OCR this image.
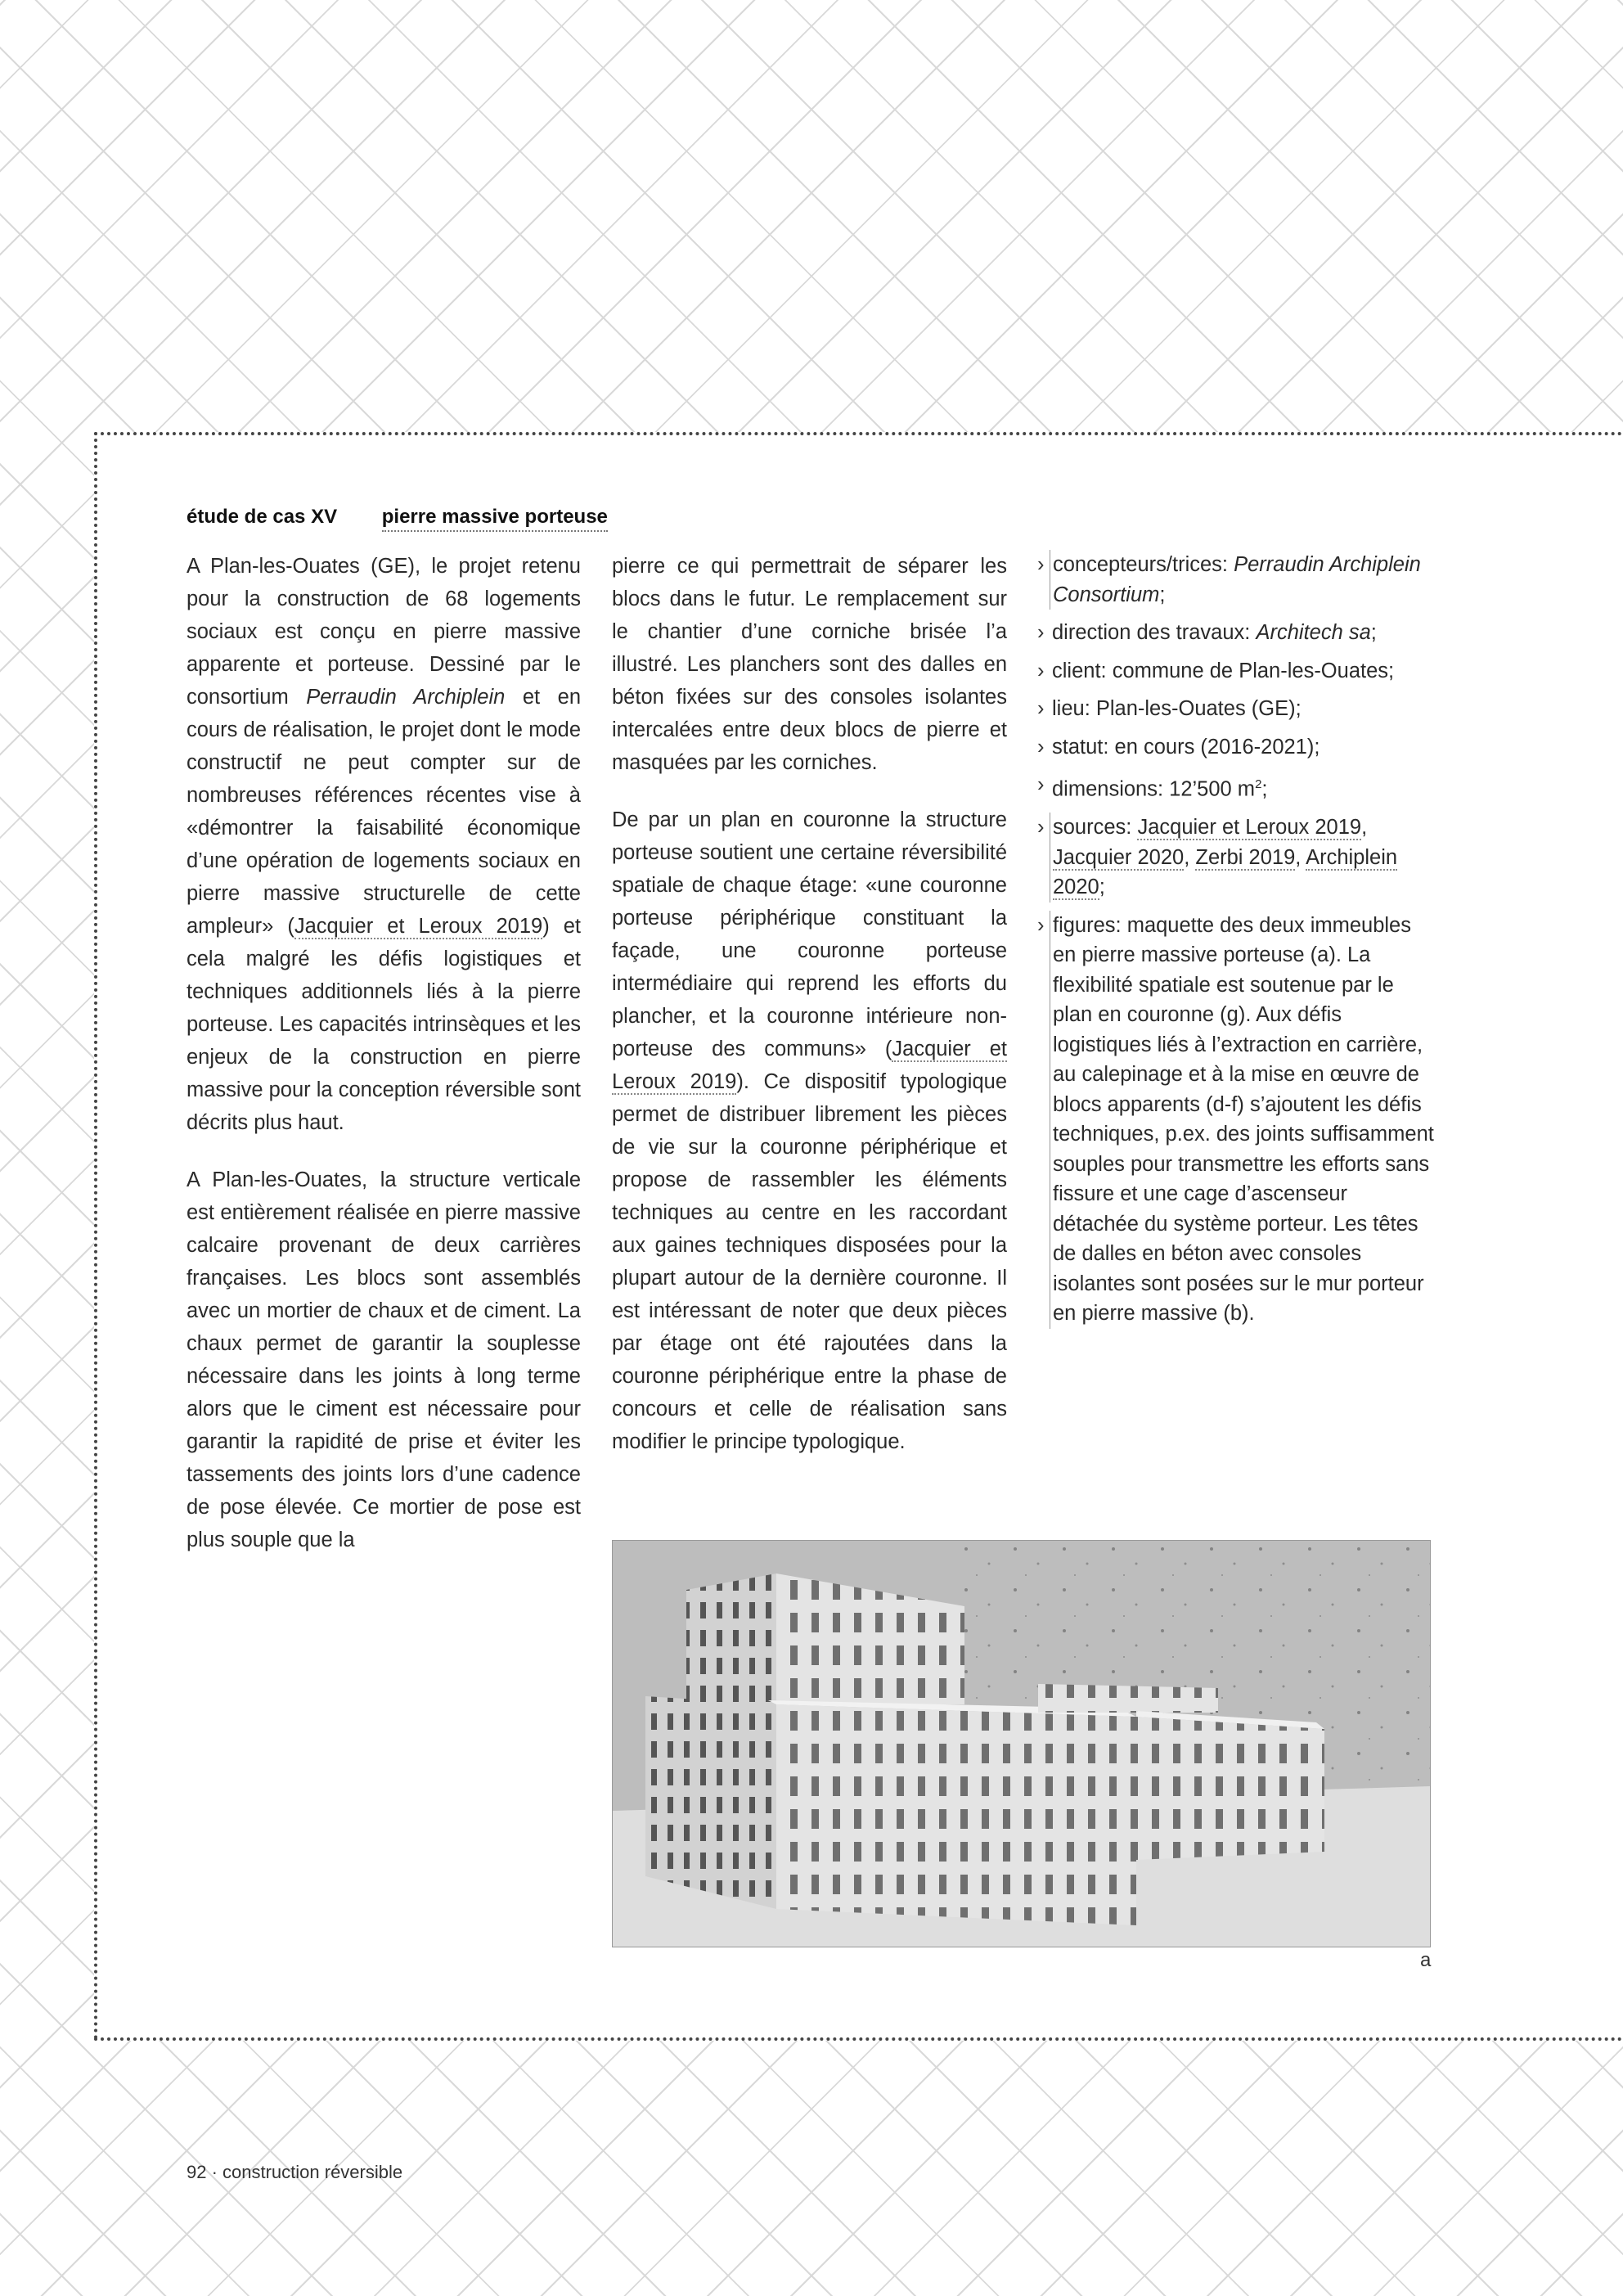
étude de cas XV pierre massive porteuse

A Plan-les-Ouates (GE), le projet retenu pour la construction de 68 logements sociaux est conçu en pierre massive apparente et porteuse. Dessiné par le consortium Perraudin Archiplein et en cours de réalisation, le projet dont le mode constructif ne peut compter sur de nombreuses références récentes vise à «démontrer la faisabilité économique d’une opération de logements sociaux en pierre massive structurelle de cette ampleur» (Jacquier et Leroux 2019) et cela malgré les défis logistiques et techniques additionnels liés à la pierre porteuse. Les capacités intrinsèques et les enjeux de la construction en pierre massive pour la conception réversible sont décrits plus haut.

A Plan-les-Ouates, la structure verticale est entièrement réalisée en pierre massive calcaire provenant de deux carrières françaises. Les blocs sont assemblés avec un mortier de chaux et de ciment. La chaux permet de garantir la souplesse nécessaire dans les joints à long terme alors que le ciment est nécessaire pour garantir la rapidité de prise et éviter les tassements des joints lors d’une cadence de pose élevée. Ce mortier de pose est plus souple que la

pierre ce qui permettrait de séparer les blocs dans le futur. Le remplacement sur le chantier d’une corniche brisée l’a illustré. Les planchers sont des dalles en béton fixées sur des consoles isolantes intercalées entre deux blocs de pierre et masquées par les corniches.

De par un plan en couronne la structure porteuse soutient une certaine réversibilité spatiale de chaque étage: «une couronne porteuse périphérique constituant la façade, une couronne porteuse intermédiaire qui reprend les efforts du plancher, et la couronne intérieure non-porteuse des communs» (Jacquier et Leroux 2019). Ce dispositif typologique permet de distribuer librement les pièces de vie sur la couronne périphérique et propose de rassembler les éléments techniques au centre en les raccordant aux gaines techniques disposées pour la plupart autour de la dernière couronne. Il est intéressant de noter que deux pièces par étage ont été rajoutées dans la couronne périphérique entre la phase de concours et celle de réalisation sans modifier le principe typologique.

› concepteurs/trices: Perraudin Archiplein Consortium;
› direction des travaux: Architech sa;
› client: commune de Plan-les-Ouates;
› lieu: Plan-les-Ouates (GE);
› statut: en cours (2016-2021);
› dimensions: 12’500 $m^2$;
› sources: Jacquier et Leroux 2019, Jacquier 2020, Zerbi 2019, Archiplein 2020;
› figures: maquette des deux immeubles en pierre massive porteuse (a). La flexibilité spatiale est soutenue par le plan en couronne (g). Aux défis logistiques liés à l’extraction en carrière, au calepinage et à la mise en œuvre de blocs apparents (d-f) s’ajoutent les défis techniques, p.ex. des joints suffisamment souples pour transmettre les efforts sans fissure et une cage d’ascenseur détachée du système porteur. Les têtes de dalles en béton avec consoles isolantes sont posées sur le mur porteur en pierre massive (b).
a
92 · construction réversible
